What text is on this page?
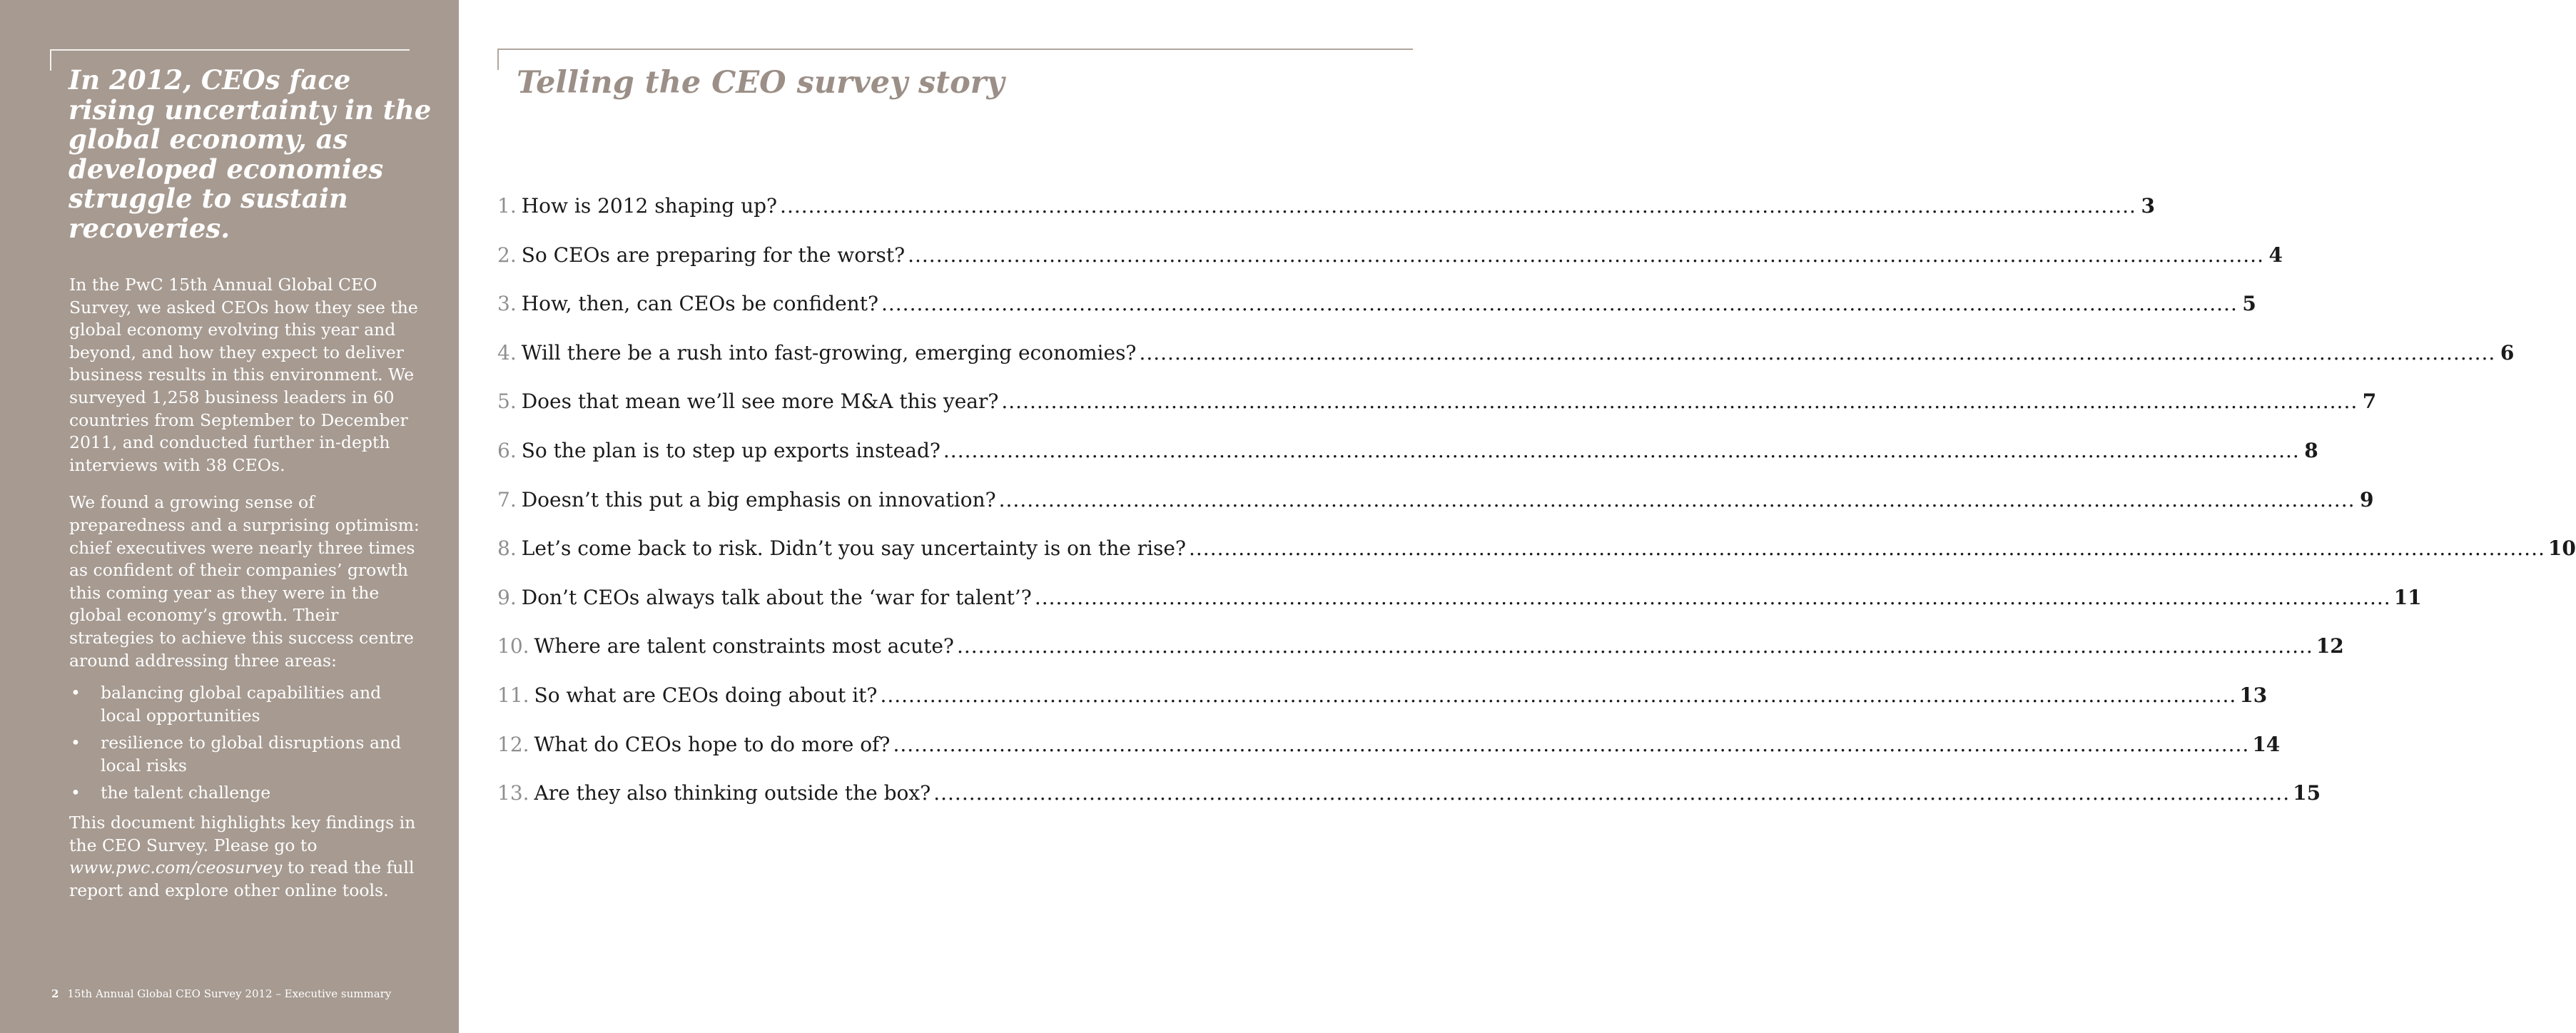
In 2012, CEOs face rising uncertainty in the global economy, as developed economies struggle to sustain recoveries.

In the PwC 15th Annual Global CEO Survey, we asked CEOs how they see the global economy evolving this year and beyond, and how they expect to deliver business results in this environment. We surveyed 1,258 business leaders in 60 countries from September to December 2011, and conducted further in-depth interviews with 38 CEOs.

We found a growing sense of preparedness and a surprising optimism: chief executives were nearly three times as confident of their companies’ growth this coming year as they were in the global economy’s growth. Their strategies to achieve this success centre around addressing three areas:

• balancing global capabilities and local opportunities
• resilience to global disruptions and local risks
• the talent challenge

This document highlights key findings in the CEO Survey. Please go to www.pwc.com/ceosurvey to read the full report and explore other online tools.

2 15th Annual Global CEO Survey 2012 – Executive summary
Telling the CEO survey story
1. How is 2012 shaping up? ................................................................................................................................................................................................ 3
2. So CEOs are preparing for the worst? ................................................................................................................................................................................................ 4
3. How, then, can CEOs be confident? ................................................................................................................................................................................................ 5
4. Will there be a rush into fast-growing, emerging economies? ................................................................................................................................................................................................ 6
5. Does that mean we’ll see more M&A this year? ................................................................................................................................................................................................ 7
6. So the plan is to step up exports instead? ................................................................................................................................................................................................ 8
7. Doesn’t this put a big emphasis on innovation? ................................................................................................................................................................................................ 9
8. Let’s come back to risk. Didn’t you say uncertainty is on the rise? ................................................................................................................................................................................................ 10
9. Don’t CEOs always talk about the ‘war for talent’? ................................................................................................................................................................................................ 11
10. Where are talent constraints most acute? ................................................................................................................................................................................................ 12
11. So what are CEOs doing about it? ................................................................................................................................................................................................ 13
12. What do CEOs hope to do more of? ................................................................................................................................................................................................ 14
13. Are they also thinking outside the box? ................................................................................................................................................................................................ 15
